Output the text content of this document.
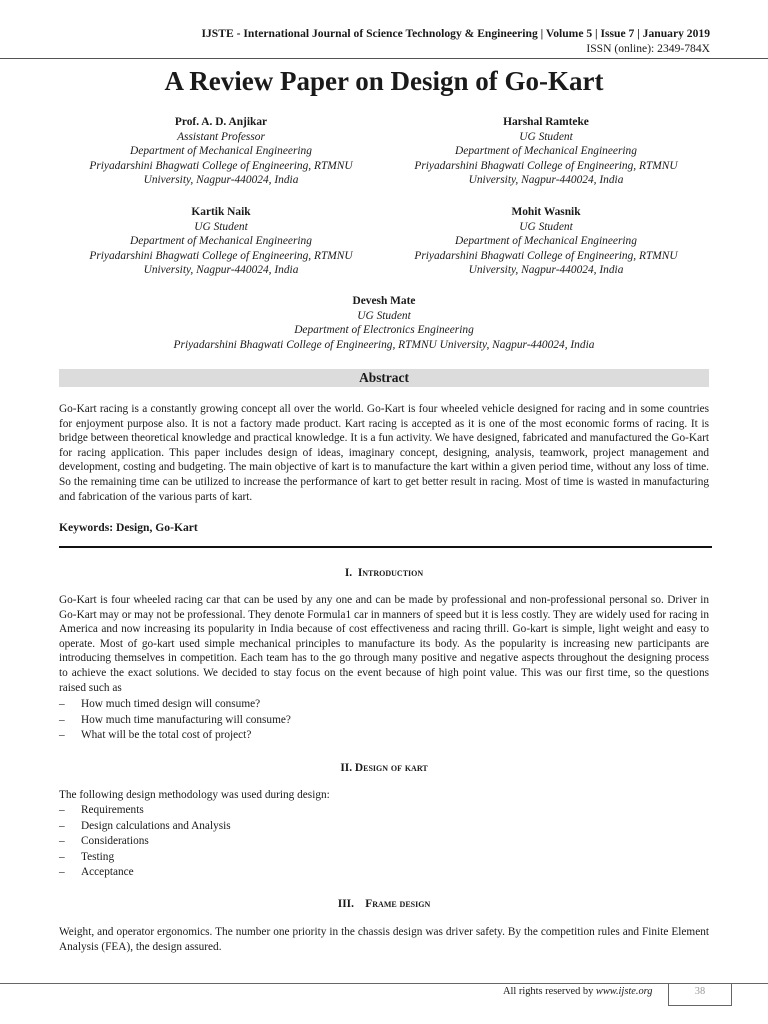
IJSTE - International Journal of Science Technology & Engineering | Volume 5 | Issue 7 | January 2019
ISSN (online): 2349-784X
A Review Paper on Design of Go-Kart
Prof. A. D. Anjikar
Assistant Professor
Department of Mechanical Engineering
Priyadarshini Bhagwati College of Engineering, RTMNU
University, Nagpur-440024, India
Harshal Ramteke
UG Student
Department of Mechanical Engineering
Priyadarshini Bhagwati College of Engineering, RTMNU
University, Nagpur-440024, India
Kartik Naik
UG Student
Department of Mechanical Engineering
Priyadarshini Bhagwati College of Engineering, RTMNU
University, Nagpur-440024, India
Mohit Wasnik
UG Student
Department of Mechanical Engineering
Priyadarshini Bhagwati College of Engineering, RTMNU
University, Nagpur-440024, India
Devesh Mate
UG Student
Department of Electronics Engineering
Priyadarshini Bhagwati College of Engineering, RTMNU University, Nagpur-440024, India
Abstract

Go-Kart racing is a constantly growing concept all over the world. Go-Kart is four wheeled vehicle designed for racing and in some countries for enjoyment purpose also. It is not a factory made product. Kart racing is accepted as it is one of the most economic forms of racing. It is bridge between theoretical knowledge and practical knowledge. It is a fun activity. We have designed, fabricated and manufactured the Go-Kart for racing application. This paper includes design of ideas, imaginary concept, designing, analysis, teamwork, project management and development, costing and budgeting. The main objective of kart is to manufacture the kart within a given period time, without any loss of time. So the remaining time can be utilized to increase the performance of kart to get better result in racing. Most of time is wasted in manufacturing and fabrication of the various parts of kart.

Keywords: Design, Go-Kart
I.  Introduction

Go-Kart is four wheeled racing car that can be used by any one and can be made by professional and non-professional personal so. Driver in Go-Kart may or may not be professional. They denote Formula1 car in manners of speed but it is less costly. They are widely used for racing in America and now increasing its popularity in India because of cost effectiveness and racing thrill. Go-kart is simple, light weight and easy to operate. Most of go-kart used simple mechanical principles to manufacture its body. As the popularity is increasing new participants are introducing themselves in competition. Each team has to the go through many positive and negative aspects throughout the designing process to achieve the exact solutions. We decided to stay focus on the event because of high point value. This was our first time, so the questions raised such as

– How much timed design will consume?
– How much time manufacturing will consume?
– What will be the total cost of project?
II. Design of kart

The following design methodology was used during design:

– Requirements
– Design calculations and Analysis
– Considerations
– Testing
– Acceptance
III.    Frame design

Weight, and operator ergonomics. The number one priority in the chassis design was driver safety. By the competition rules and Finite Element Analysis (FEA), the design assured.

All rights reserved by www.ijste.org	38
